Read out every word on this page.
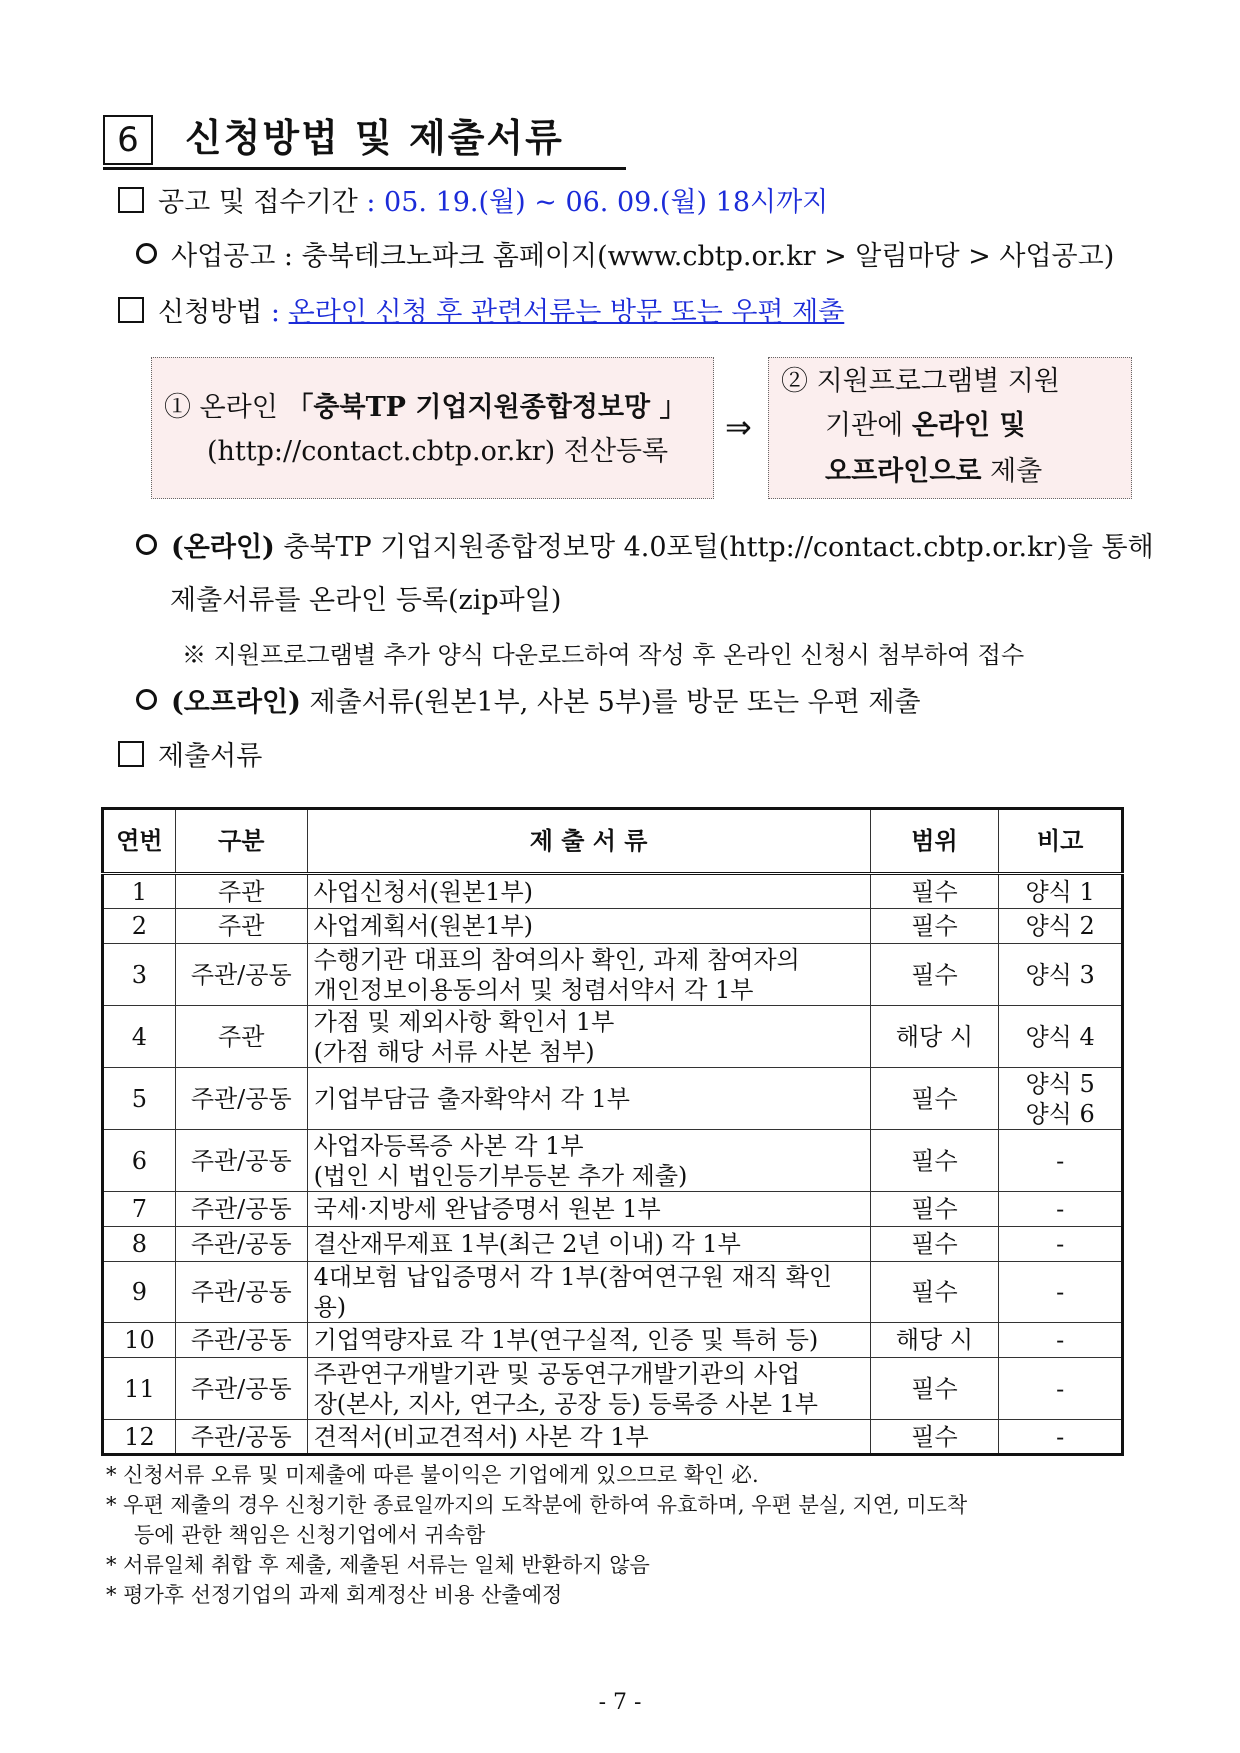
6	신청방법 및 제출서류
공고 및 접수기간 : 05. 19.(월) ~ 06. 09.(월) 18시까지
사업공고 : 충북테크노파크 홈페이지(www.cbtp.or.kr > 알림마당 > 사업공고)
신청방법 : 온라인 신청 후 관련서류는 방문 또는 우편 제출
① 온라인 「충북TP 기업지원종합정보망 」
(http://contact.cbtp.or.kr) 전산등록
⇒
② 지원프로그램별 지원
기관에 온라인 및
오프라인으로 제출
(온라인) 충북TP 기업지원종합정보망 4.0포털(http://contact.cbtp.or.kr)을 통해
제출서류를 온라인 등록(zip파일)
※ 지원프로그램별 추가 양식 다운로드하여 작성 후 온라인 신청시 첨부하여 접수
(오프라인) 제출서류(원본1부, 사본 5부)를 방문 또는 우편 제출
제출서류
연번	구분	제 출 서 류	범위	비고
1	주관	사업신청서(원본1부)	필수	양식 1
2	주관	사업계획서(원본1부)	필수	양식 2
3	주관/공동	수행기관 대표의 참여의사 확인, 과제 참여자의
개인정보이용동의서 및 청렴서약서 각 1부	필수	양식 3
4	주관	가점 및 제외사항 확인서 1부
(가점 해당 서류 사본 첨부)	해당 시	양식 4
5	주관/공동	기업부담금 출자확약서 각 1부	필수	양식 5
양식 6
6	주관/공동	사업자등록증 사본 각 1부
(법인 시 법인등기부등본 추가 제출)	필수	-
7	주관/공동	국세·지방세 완납증명서 원본 1부	필수	-
8	주관/공동	결산재무제표 1부(최근 2년 이내) 각 1부	필수	-
9	주관/공동	4대보험 납입증명서 각 1부(참여연구원 재직 확인용)	필수	-
10	주관/공동	기업역량자료 각 1부(연구실적, 인증 및 특허 등)	해당 시	-
11	주관/공동	주관연구개발기관 및 공동연구개발기관의 사업
장(본사, 지사, 연구소, 공장 등) 등록증 사본 1부	필수	-
12	주관/공동	견적서(비교견적서) 사본 각 1부	필수	-
* 신청서류 오류 및 미제출에 따른 불이익은 기업에게 있으므로 확인 必.
* 우편 제출의 경우 신청기한 종료일까지의 도착분에 한하여 유효하며, 우편 분실, 지연, 미도착
등에 관한 책임은 신청기업에서 귀속함
* 서류일체 취합 후 제출, 제출된 서류는 일체 반환하지 않음
* 평가후 선정기업의 과제 회계정산 비용 산출예정
- 7 -
